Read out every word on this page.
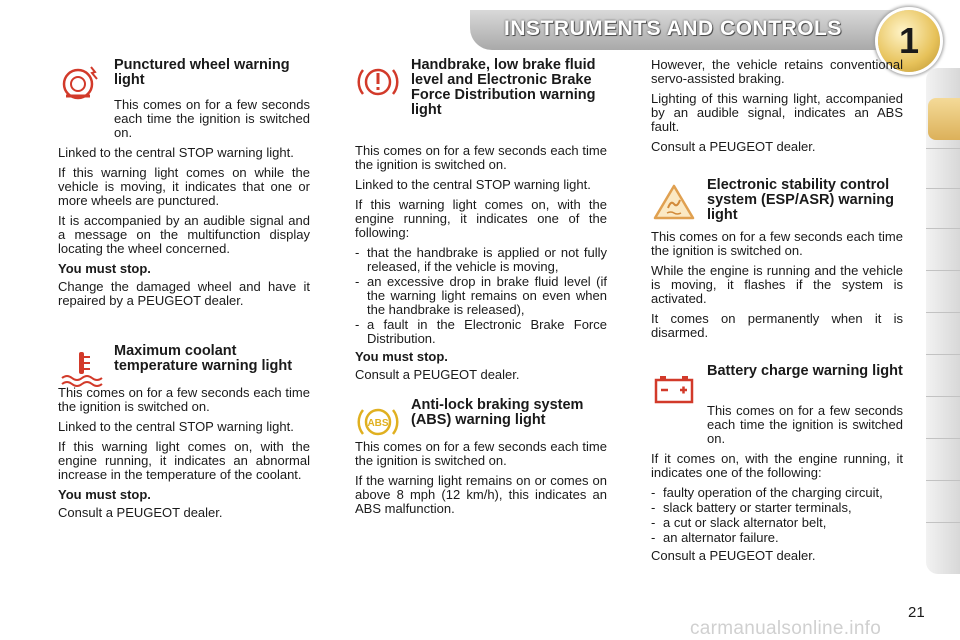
INSTRUMENTS AND CONTROLS 1
Punctured wheel warning light

This comes on for a few seconds each time the ignition is switched on.

Linked to the central STOP warning light.

If this warning light comes on while the vehicle is moving, it indicates that one or more wheels are punctured.

It is accompanied by an audible signal and a message on the multifunction display locating the wheel concerned.

You must stop.

Change the damaged wheel and have it repaired by a PEUGEOT dealer.

Maximum coolant temperature warning light

This comes on for a few seconds each time the ignition is switched on.

Linked to the central STOP warning light.

If this warning light comes on, with the engine running, it indicates an abnormal increase in the temperature of the coolant.

You must stop.

Consult a PEUGEOT dealer.

Handbrake, low brake fluid level and Electronic Brake Force Distribution warning light

This comes on for a few seconds each time the ignition is switched on.

Linked to the central STOP warning light.

If this warning light comes on, with the engine running, it indicates one of the following:

- that the handbrake is applied or not fully released, if the vehicle is moving,
- an excessive drop in brake fluid level (if the warning light remains on even when the handbrake is released),
- a fault in the Electronic Brake Force Distribution.

You must stop.

Consult a PEUGEOT dealer.

ABS
Anti-lock braking system (ABS) warning light

This comes on for a few seconds each time the ignition is switched on.

If the warning light remains on or comes on above 8 mph (12 km/h), this indicates an ABS malfunction.

However, the vehicle retains conventional servo-assisted braking.

Lighting of this warning light, accompanied by an audible signal, indicates an ABS fault.

Consult a PEUGEOT dealer.

Electronic stability control system (ESP/ASR) warning light

This comes on for a few seconds each time the ignition is switched on.

While the engine is running and the vehicle is moving, it flashes if the system is activated.

It comes on permanently when it is disarmed.

Battery charge warning light

This comes on for a few seconds each time the ignition is switched on.

If it comes on, with the engine running, it indicates one of the following:

- faulty operation of the charging circuit,
- slack battery or starter terminals,
- a cut or slack alternator belt,
- an alternator failure.

Consult a PEUGEOT dealer.

21
carmanualsonline.info
